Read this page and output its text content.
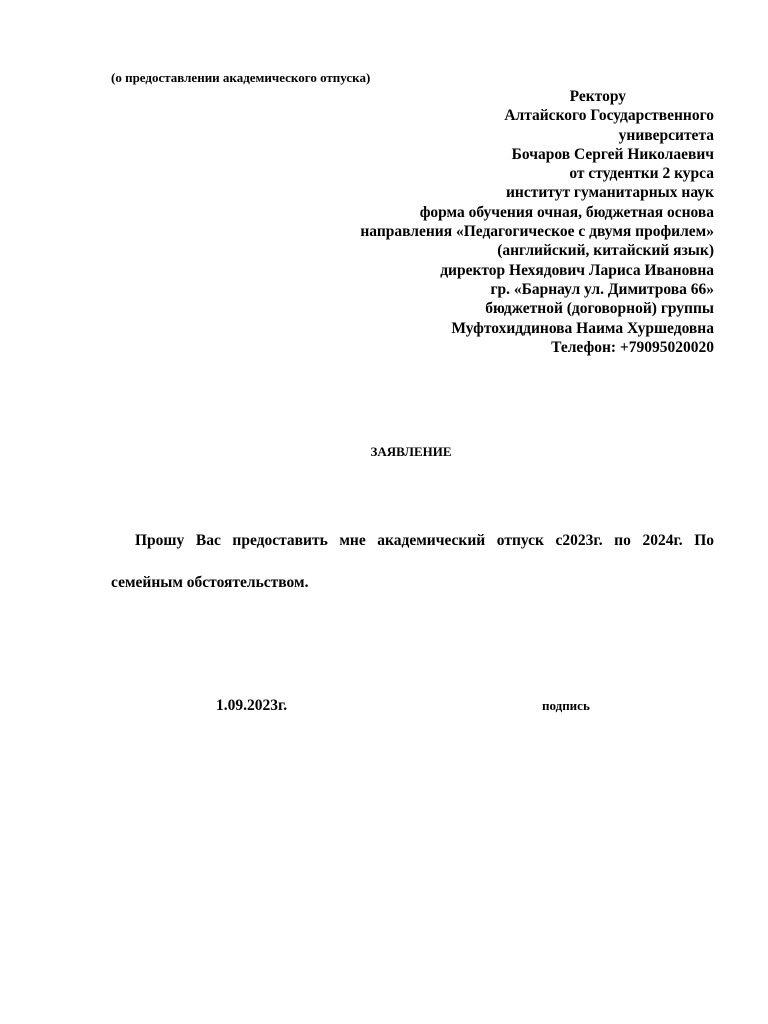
(о предоставлении академического отпуска)
Ректору
Алтайского Государственного
университета
Бочаров Сергей Николаевич
от студентки 2 курса
институт гуманитарных наук
форма обучения очная, бюджетная основа
направления «Педагогическое с двумя профилем»
(английский, китайский язык)
директор Нехядович Лариса Ивановна
гр. «Барнаул ул. Димитрова 66»
бюджетной (договорной) группы
Муфтохиддинова Наима Хуршедовна
Телефон: +79095020020
ЗАЯВЛЕНИЕ
Прошу Вас предоставить мне академический отпуск с2023г. по 2024г. По семейным обстоятельством.
1.09.2023г.	подпись
